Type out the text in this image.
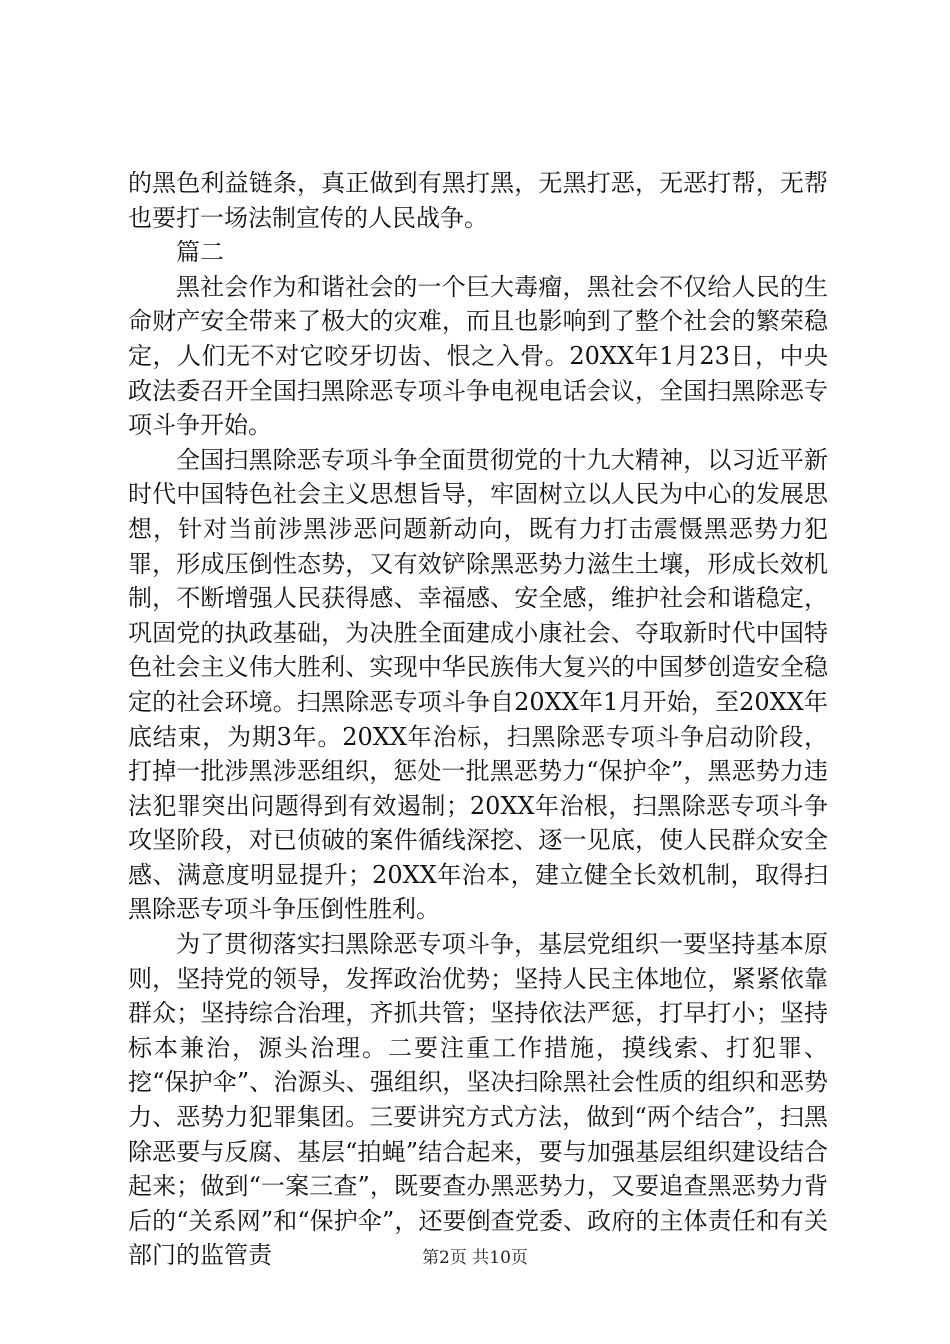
的黑色利益链条，真正做到有黑打黑，无黑打恶，无恶打帮，无帮也要打一场法制宣传的人民战争。

篇二

黑社会作为和谐社会的一个巨大毒瘤，黑社会不仅给人民的生命财产安全带来了极大的灾难，而且也影响到了整个社会的繁荣稳定，人们无不对它咬牙切齿、恨之入骨。20XX年1月23日，中央政法委召开全国扫黑除恶专项斗争电视电话会议，全国扫黑除恶专项斗争开始。

全国扫黑除恶专项斗争全面贯彻党的十九大精神，以习近平新时代中国特色社会主义思想旨导，牢固树立以人民为中心的发展思想，针对当前涉黑涉恶问题新动向，既有力打击震慑黑恶势力犯罪，形成压倒性态势，又有效铲除黑恶势力滋生土壤，形成长效机制，不断增强人民获得感、幸福感、安全感，维护社会和谐稳定，巩固党的执政基础，为决胜全面建成小康社会、夺取新时代中国特色社会主义伟大胜利、实现中华民族伟大复兴的中国梦创造安全稳定的社会环境。扫黑除恶专项斗争自20XX年1月开始，至20XX年底结束，为期3年。20XX年治标，扫黑除恶专项斗争启动阶段，打掉一批涉黑涉恶组织，惩处一批黑恶势力“保护伞”，黑恶势力违法犯罪突出问题得到有效遏制；20XX年治根，扫黑除恶专项斗争攻坚阶段，对已侦破的案件循线深挖、逐一见底，使人民群众安全感、满意度明显提升；20XX年治本，建立健全长效机制，取得扫黑除恶专项斗争压倒性胜利。

为了贯彻落实扫黑除恶专项斗争，基层党组织一要坚持基本原则，坚持党的领导，发挥政治优势；坚持人民主体地位，紧紧依靠群众；坚持综合治理，齐抓共管；坚持依法严惩，打早打小；坚持标本兼治，源头治理。二要注重工作措施，摸线索、打犯罪、挖“保护伞”、治源头、强组织，坚决扫除黑社会性质的组织和恶势力、恶势力犯罪集团。三要讲究方式方法，做到“两个结合”，扫黑除恶要与反腐、基层“拍蝇”结合起来，要与加强基层组织建设结合起来；做到“一案三查”，既要查办黑恶势力，又要追查黑恶势力背后的“关系网”和“保护伞”，还要倒查党委、政府的主体责任和有关部门的监管责	第2页 共10页
